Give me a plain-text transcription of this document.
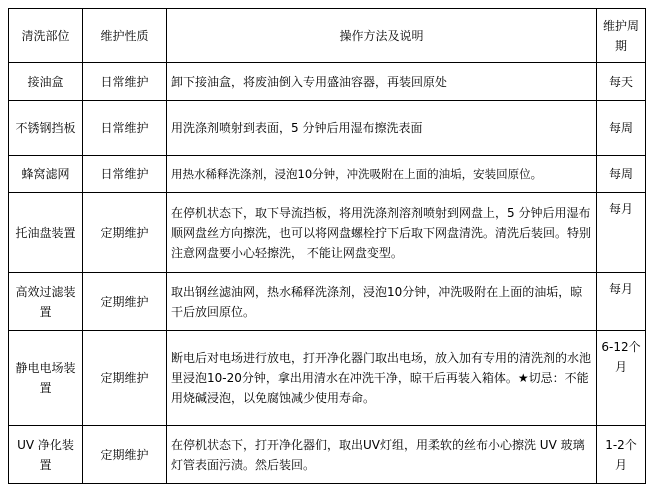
清洗部位	维护性质	操作方法及说明	维护周期
接油盒	日常维护	卸下接油盒，将废油倒入专用盛油容器，再装回原处	每天
不锈钢挡板	日常维护	用洗涤剂喷射到表面，5 分钟后用湿布擦洗表面	每周
蜂窝滤网	日常维护	用热水稀释洗涤剂，浸泡10分钟，冲洗吸附在上面的油垢，安装回原位。	每周
托油盘装置	定期维护	在停机状态下，取下导流挡板，将用洗涤剂溶剂喷射到网盘上，5 分钟后用湿布顺网盘丝方向擦洗，也可以将网盘螺栓拧下后取下网盘清洗。清洗后装回。特别注意网盘要小心轻擦洗， 不能让网盘变型。	每月
高效过滤装置	定期维护	取出钢丝滤油网，热水稀释洗涤剂，浸泡10分钟，冲洗吸附在上面的油垢，晾干后放回原位。	每月
静电电场装置	定期维护	断电后对电场进行放电，打开净化器门取出电场，放入加有专用的清洗剂的水池里浸泡10-20分钟，拿出用清水在冲洗干净，晾干后再装入箱体。★切忌：不能用烧碱浸泡，以免腐蚀减少使用寿命。	6-12个月
UV 净化装置	定期维护	在停机状态下，打开净化器们，取出UV灯组，用柔软的丝布小心擦洗 UV 玻璃灯管表面污渍。然后装回。	1-2个月
